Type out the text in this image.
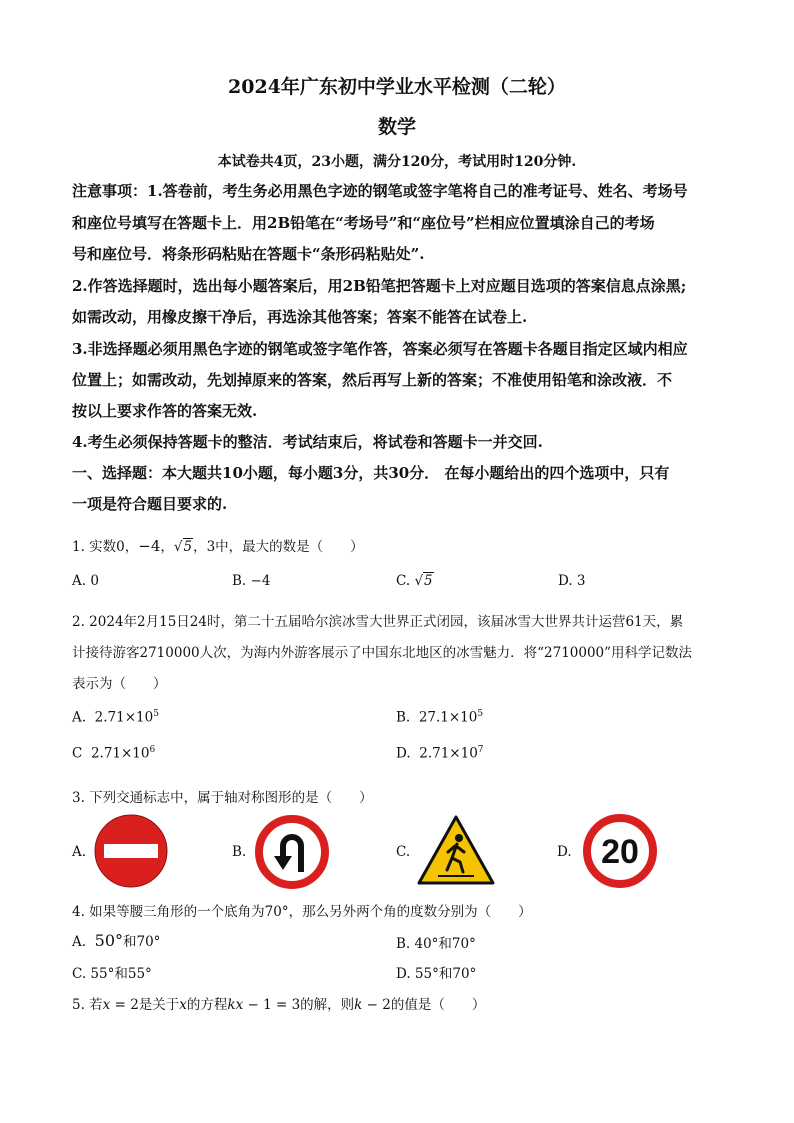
2024年广东初中学业水平检测（二轮）
数学
本试卷共4页，23小题，满分120分，考试用时120分钟.
注意事项：1.答卷前，考生务必用黑色字迹的钢笔或签字笔将自己的准考证号、姓名、考场号
和座位号填写在答题卡上．用2B铅笔在“考场号”和“座位号”栏相应位置填涂自己的考场
号和座位号．将条形码粘贴在答题卡“条形码粘贴处”.
2.作答选择题时，选出每小题答案后，用2B铅笔把答题卡上对应题目选项的答案信息点涂黑;
如需改动，用橡皮擦干净后，再选涂其他答案；答案不能答在试卷上.
3.非选择题必须用黑色字迹的钢笔或签字笔作答，答案必须写在答题卡各题目指定区域内相应
位置上；如需改动，先划掉原来的答案，然后再写上新的答案；不准使用铅笔和涂改液．不
按以上要求作答的答案无效.
4.考生必须保持答题卡的整洁．考试结束后，将试卷和答题卡一并交回.
一、选择题：本大题共10小题，每小题3分，共30分． 在每小题给出的四个选项中，只有
一项是符合题目要求的.
1. 实数0，−4，√5，3中，最大的数是（　　）
A. 0	B. −4	C. √5	D. 3
2. 2024年2月15日24时，第二十五届哈尔滨冰雪大世界正式闭园，该届冰雪大世界共计运营61天，累
计接待游客2710000人次，为海内外游客展示了中国东北地区的冰雪魅力．将“2710000”用科学记数法
表示为（　　）
A. $2.71\times 10^5$	B. $27.1\times 10^5$
C $2.71\times 10^6$	D. $2.71\times 10^7$
3. 下列交通标志中，属于轴对称图形的是（　　）
A.	B.	C.	D. 20
4. 如果等腰三角形的一个底角为70°，那么另外两个角的度数分别为（　　）
A. 50°和70°	B. 40°和70°
C. 55°和55°	D. 55°和70°
5. 若x = 2是关于x的方程kx − 1 = 3的解，则k − 2的值是（　　）
